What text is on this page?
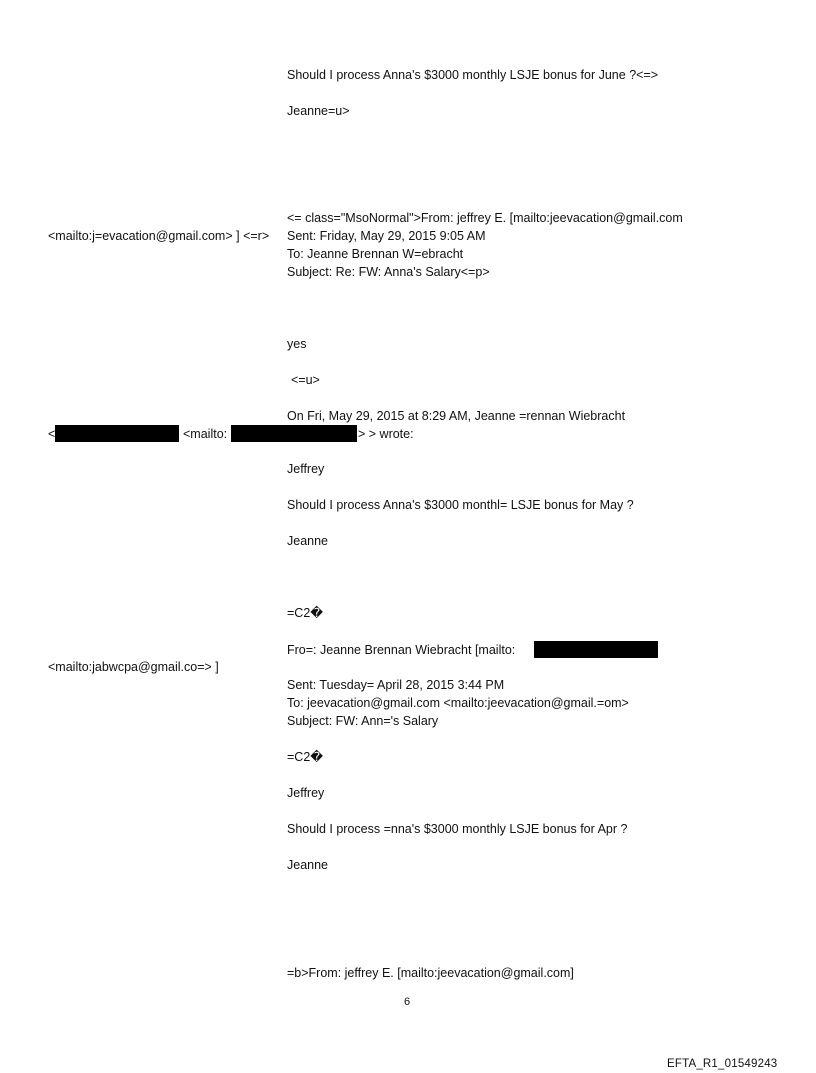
Should I process Anna's $3000 monthly LSJE bonus for June ?<=>
Jeanne=u>
<= class="MsoNormal">From: jeffrey E. [mailto:jeevacation@gmail.com
<mailto:j=evacation@gmail.com> ] <=r> Sent: Friday, May 29, 2015 9:05 AM
To: Jeanne Brennan W=ebracht
Subject: Re: FW: Anna's Salary<=p>
yes
<=u>
On Fri, May 29, 2015 at 8:29 AM, Jeanne =rennan Wiebracht
<	<mailto:	> > wrote:
Jeffrey
Should I process Anna's $3000 monthl= LSJE bonus for May ?
Jeanne
=C2�
Fro=: Jeanne Brennan Wiebracht [mailto:
<mailto:jabwcpa@gmail.co=> ]
Sent: Tuesday= April 28, 2015 3:44 PM
To: jeevacation@gmail.com <mailto:jeevacation@gmail.=om>
Subject: FW: Ann='s Salary
=C2�
Jeffrey
Should I process =nna's $3000 monthly LSJE bonus for Apr ?
Jeanne
=b>From: jeffrey E. [mailto:jeevacation@gmail.com]
6
EFTA_R1_01549243
